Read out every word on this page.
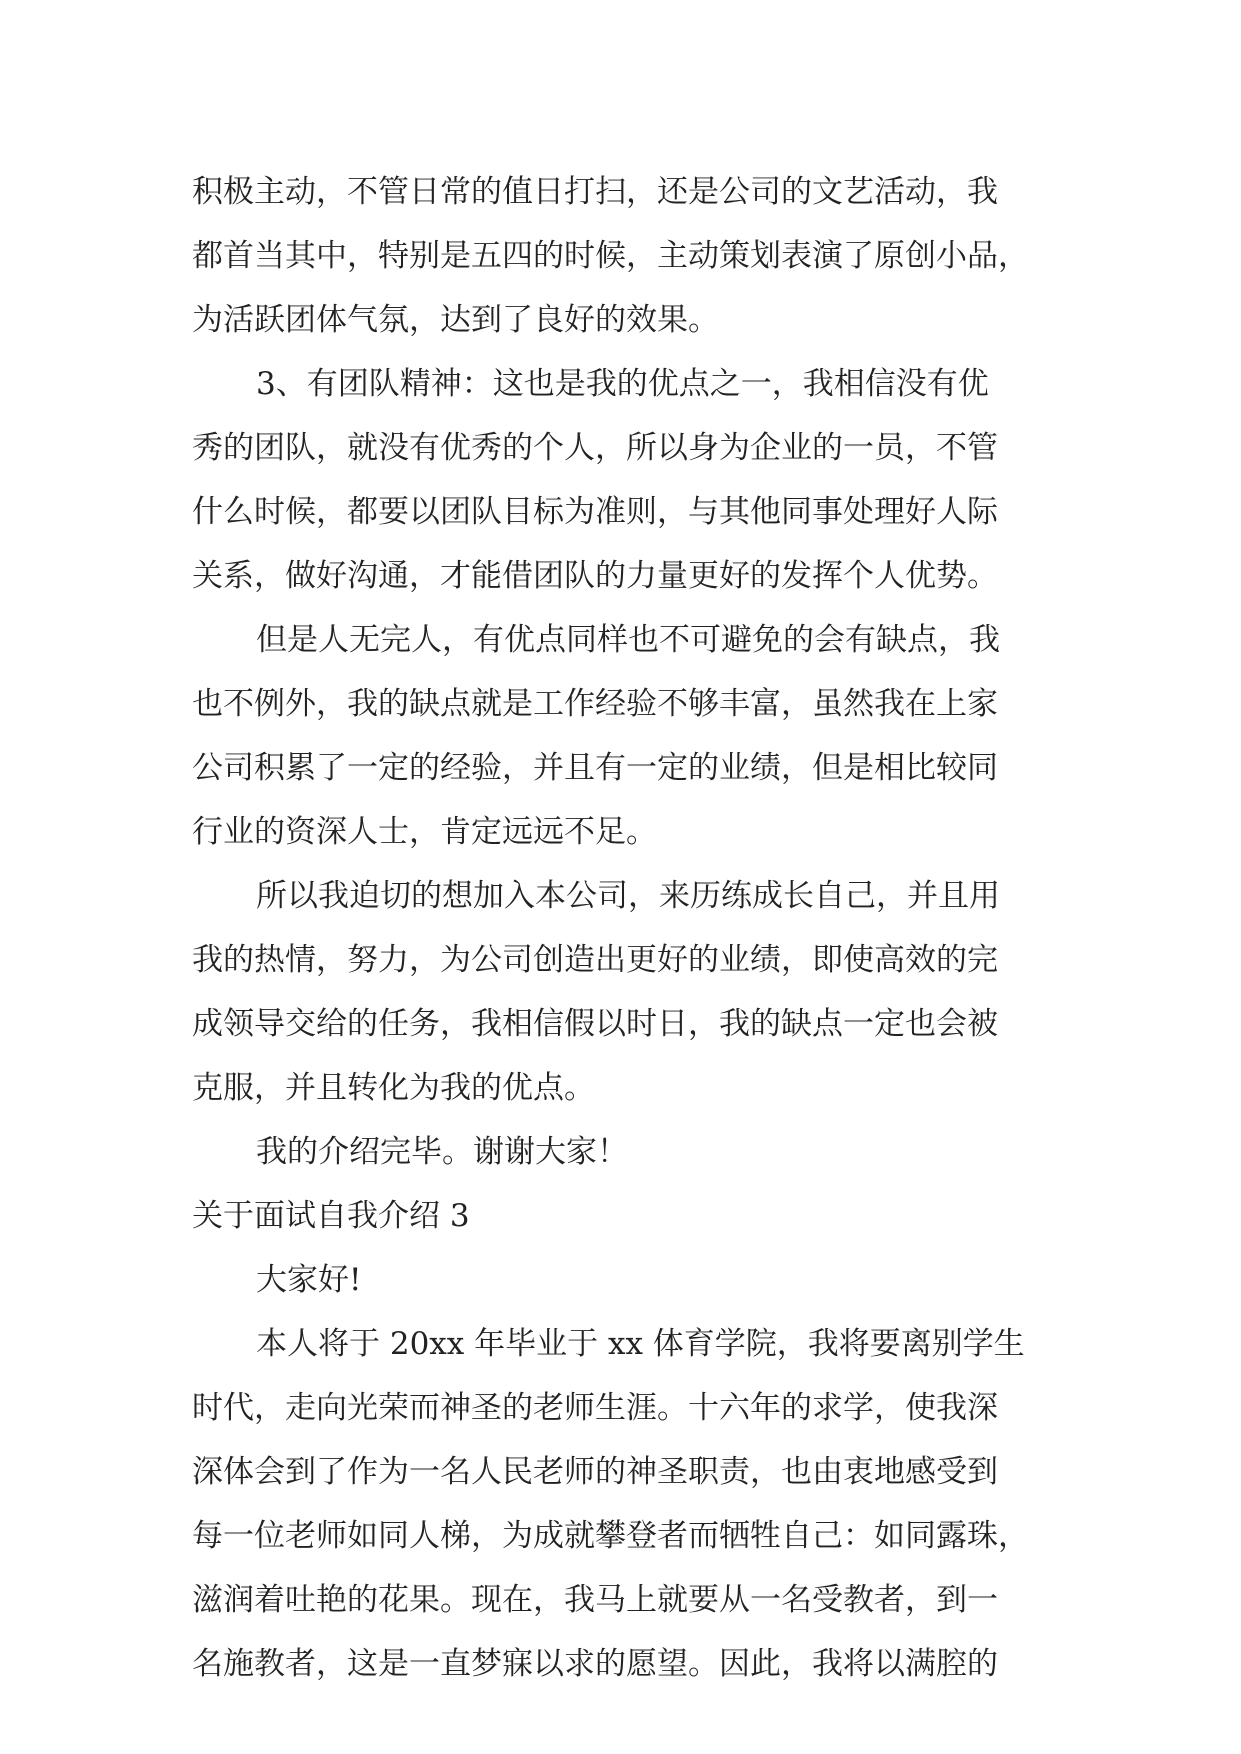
积极主动，不管日常的值日打扫，还是公司的文艺活动，我
都首当其中，特别是五四的时候，主动策划表演了原创小品，
为活跃团体气氛，达到了良好的效果。
3、有团队精神：这也是我的优点之一，我相信没有优
秀的团队，就没有优秀的个人，所以身为企业的一员，不管
什么时候，都要以团队目标为准则，与其他同事处理好人际
关系，做好沟通，才能借团队的力量更好的发挥个人优势。
但是人无完人，有优点同样也不可避免的会有缺点，我
也不例外，我的缺点就是工作经验不够丰富，虽然我在上家
公司积累了一定的经验，并且有一定的业绩，但是相比较同
行业的资深人士，肯定远远不足。
所以我迫切的想加入本公司，来历练成长自己，并且用
我的热情，努力，为公司创造出更好的业绩，即使高效的完
成领导交给的任务，我相信假以时日，我的缺点一定也会被
克服，并且转化为我的优点。
我的介绍完毕。谢谢大家！
关于面试自我介绍 3
大家好!
本人将于 20xx 年毕业于 xx 体育学院，我将要离别学生
时代，走向光荣而神圣的老师生涯。十六年的求学，使我深
深体会到了作为一名人民老师的神圣职责，也由衷地感受到
每一位老师如同人梯，为成就攀登者而牺牲自己：如同露珠，
滋润着吐艳的花果。现在，我马上就要从一名受教者，到一
名施教者，这是一直梦寐以求的愿望。因此，我将以满腔的
